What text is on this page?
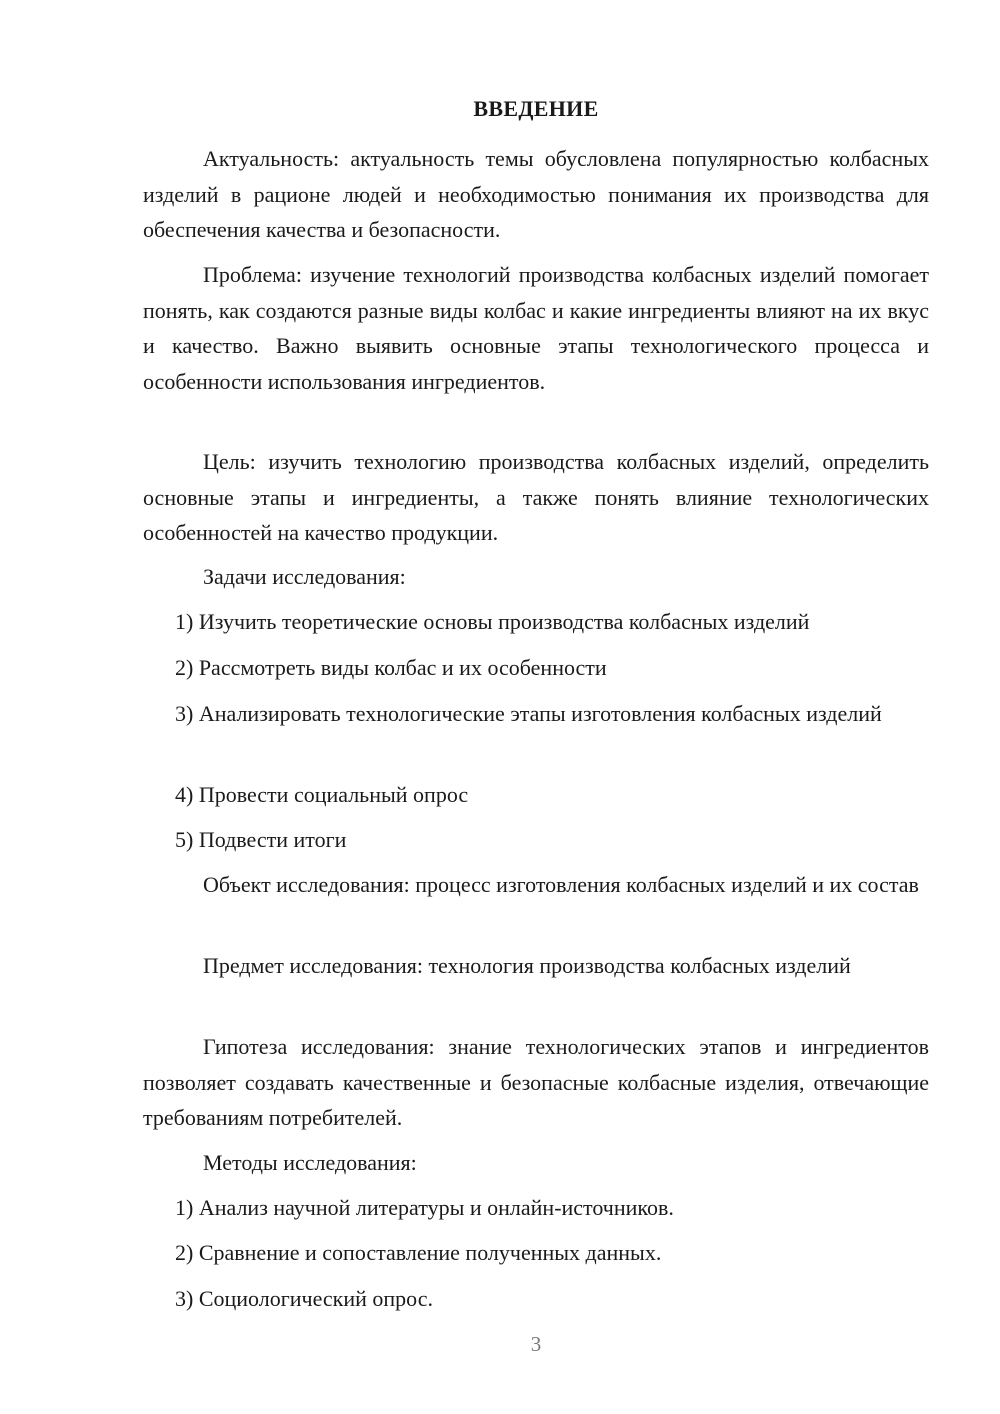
ВВЕДЕНИЕ
Актуальность: актуальность темы обусловлена популярностью колбасных изделий в рационе людей и необходимостью понимания их производства для обеспечения качества и безопасности.
Проблема: изучение технологий производства колбасных изделий помогает понять, как создаются разные виды колбас и какие ингредиенты влияют на их вкус и качество. Важно выявить основные этапы технологического процесса и особенности использования ингредиентов.
Цель: изучить технологию производства колбасных изделий, определить основные этапы и ингредиенты, а также понять влияние технологических особенностей на качество продукции.
Задачи исследования:
1) Изучить теоретические основы производства колбасных изделий
2) Рассмотреть виды колбас и их особенности
3) Анализировать технологические этапы изготовления колбасных изделий
4) Провести социальный опрос
5) Подвести итоги
Объект исследования: процесс изготовления колбасных изделий и их состав
Предмет исследования: технология производства колбасных изделий
Гипотеза исследования: знание технологических этапов и ингредиентов позволяет создавать качественные и безопасные колбасные изделия, отвечающие требованиям потребителей.
Методы исследования:
1) Анализ научной литературы и онлайн-источников.
2) Сравнение и сопоставление полученных данных.
3) Социологический опрос.
3
